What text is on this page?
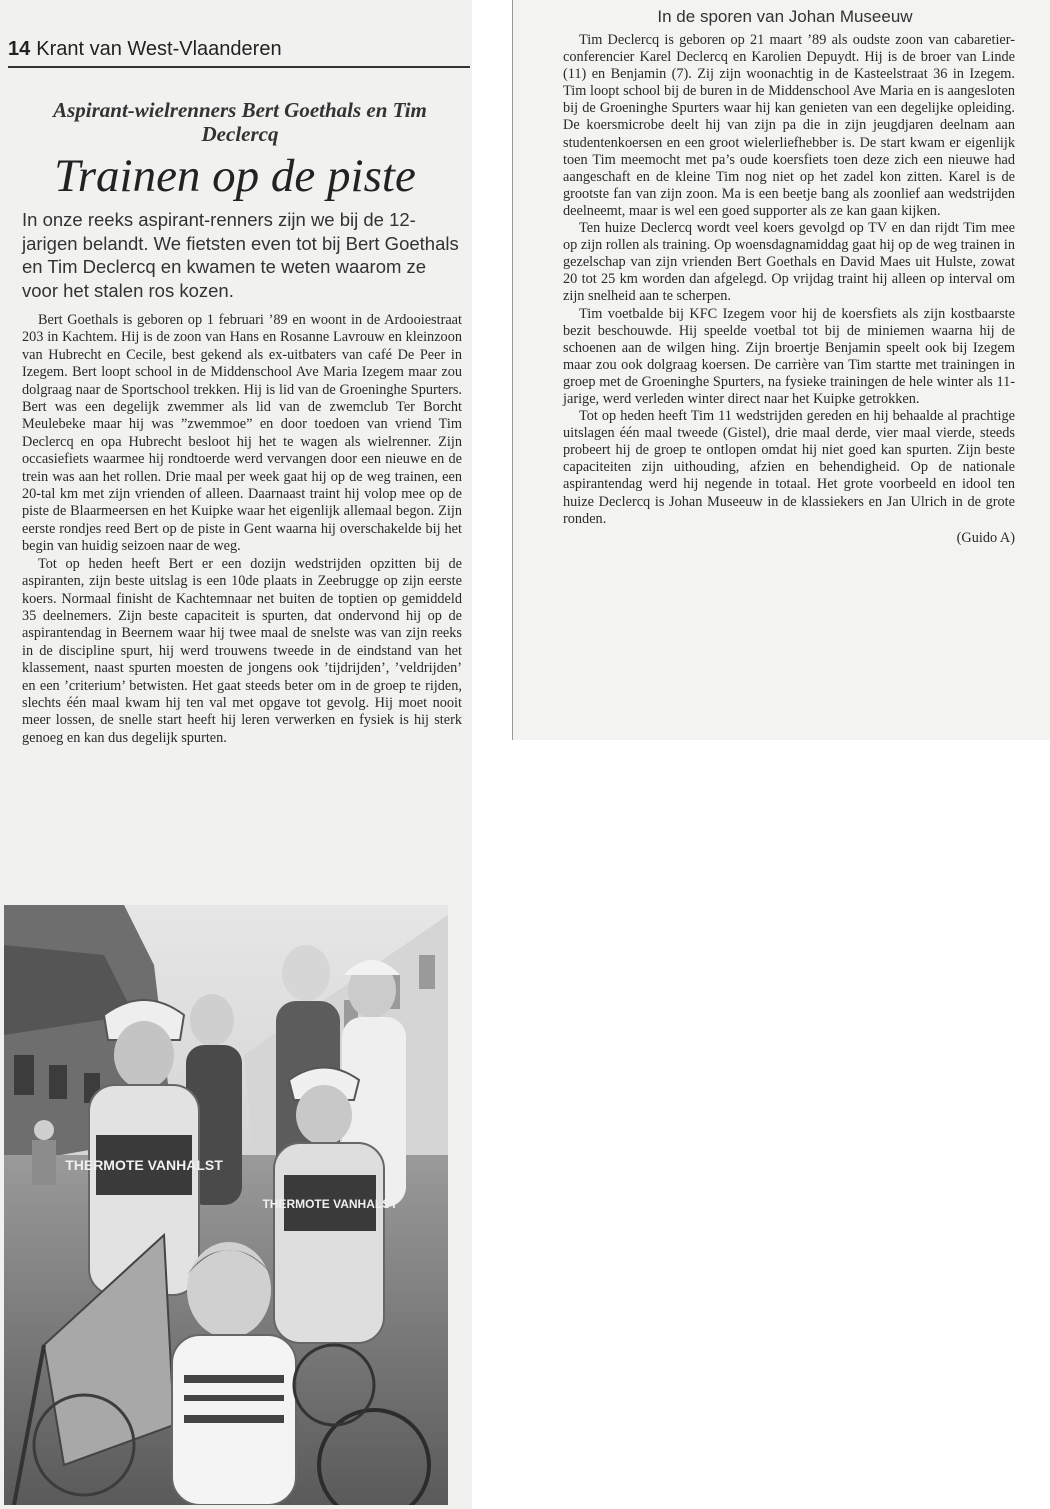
14 Krant van West-Vlaanderen
Aspirant-wielrenners Bert Goethals en Tim Declercq
Trainen op de piste
In onze reeks aspirant-renners zijn we bij de 12-jarigen belandt. We fietsten even tot bij Bert Goethals en Tim Declercq en kwamen te weten waarom ze voor het stalen ros kozen.

Bert Goethals is geboren op 1 februari ’89 en woont in de Ardooiestraat 203 in Kachtem. Hij is de zoon van Hans en Rosanne Lavrouw en kleinzoon van Hubrecht en Cecile, best gekend als ex-uitbaters van café De Peer in Izegem. Bert loopt school in de Middenschool Ave Maria Izegem maar zou dolgraag naar de Sportschool trekken. Hij is lid van de Groeninghe Spurters. Bert was een degelijk zwemmer als lid van de zwemclub Ter Borcht Meulebeke maar hij was ”zwemmoe” en door toedoen van vriend Tim Declercq en opa Hubrecht besloot hij het te wagen als wielrenner. Zijn occasiefiets waarmee hij rondtoerde werd vervangen door een nieuwe en de trein was aan het rollen. Drie maal per week gaat hij op de weg trainen, een 20-tal km met zijn vrienden of alleen. Daarnaast traint hij volop mee op de piste de Blaarmeersen en het Kuipke waar het eigenlijk allemaal begon. Zijn eerste rondjes reed Bert op de piste in Gent waarna hij overschakelde bij het begin van huidig seizoen naar de weg.

Tot op heden heeft Bert er een dozijn wedstrijden opzitten bij de aspiranten, zijn beste uitslag is een 10de plaats in Zeebrugge op zijn eerste koers. Normaal finisht de Kachtemnaar net buiten de toptien op gemiddeld 35 deelnemers. Zijn beste capaciteit is spurten, dat ondervond hij op de aspirantendag in Beernem waar hij twee maal de snelste was van zijn reeks in de discipline spurt, hij werd trouwens tweede in de eindstand van het klassement, naast spurten moesten de jongens ook ’tijdrijden’, ’veldrijden’ en een ’criterium’ betwisten. Het gaat steeds beter om in de groep te rijden, slechts één maal kwam hij ten val met opgave tot gevolg. Hij moet nooit meer lossen, de snelle start heeft hij leren verwerken en fysiek is hij sterk genoeg en kan dus degelijk spurten.

In de sporen van Johan Museeuw

Tim Declercq is geboren op 21 maart ’89 als oudste zoon van cabaretier-conferencier Karel Declercq en Karolien Depuydt. Hij is de broer van Linde (11) en Benjamin (7). Zij zijn woonachtig in de Kasteelstraat 36 in Izegem. Tim loopt school bij de buren in de Middenschool Ave Maria en is aangesloten bij de Groeninghe Spurters waar hij kan genieten van een degelijke opleiding. De koersmicrobe deelt hij van zijn pa die in zijn jeugdjaren deelnam aan studentenkoersen en een groot wielerliefhebber is. De start kwam er eigenlijk toen Tim meemocht met pa’s oude koersfiets toen deze zich een nieuwe had aangeschaft en de kleine Tim nog niet op het zadel kon zitten. Karel is de grootste fan van zijn zoon. Ma is een beetje bang als zoonlief aan wedstrijden deelneemt, maar is wel een goed supporter als ze kan gaan kijken.

Ten huize Declercq wordt veel koers gevolgd op TV en dan rijdt Tim mee op zijn rollen als training. Op woensdagnamiddag gaat hij op de weg trainen in gezelschap van zijn vrienden Bert Goethals en David Maes uit Hulste, zowat 20 tot 25 km worden dan afgelegd. Op vrijdag traint hij alleen op interval om zijn snelheid aan te scherpen.

Tim voetbalde bij KFC Izegem voor hij de koersfiets als zijn kostbaarste bezit beschouwde. Hij speelde voetbal tot bij de miniemen waarna hij de schoenen aan de wilgen hing. Zijn broertje Benjamin speelt ook bij Izegem maar zou ook dolgraag koersen. De carrière van Tim startte met trainingen in groep met de Groeninghe Spurters, na fysieke trainingen de hele winter als 11-jarige, werd verleden winter direct naar het Kuipke getrokken.

Tot op heden heeft Tim 11 wedstrijden gereden en hij behaalde al prachtige uitslagen één maal tweede (Gistel), drie maal derde, vier maal vierde, steeds probeert hij de groep te ontlopen omdat hij niet goed kan spurten. Zijn beste capaciteiten zijn uithouding, afzien en behendigheid. Op de nationale aspirantendag werd hij negende in totaal. Het grote voorbeeld en idool ten huize Declercq is Johan Museeuw in de klassiekers en Jan Ulrich in de grote ronden.

(Guido A)

THERMOTE VANHALST
THERMOTE VANHALST
